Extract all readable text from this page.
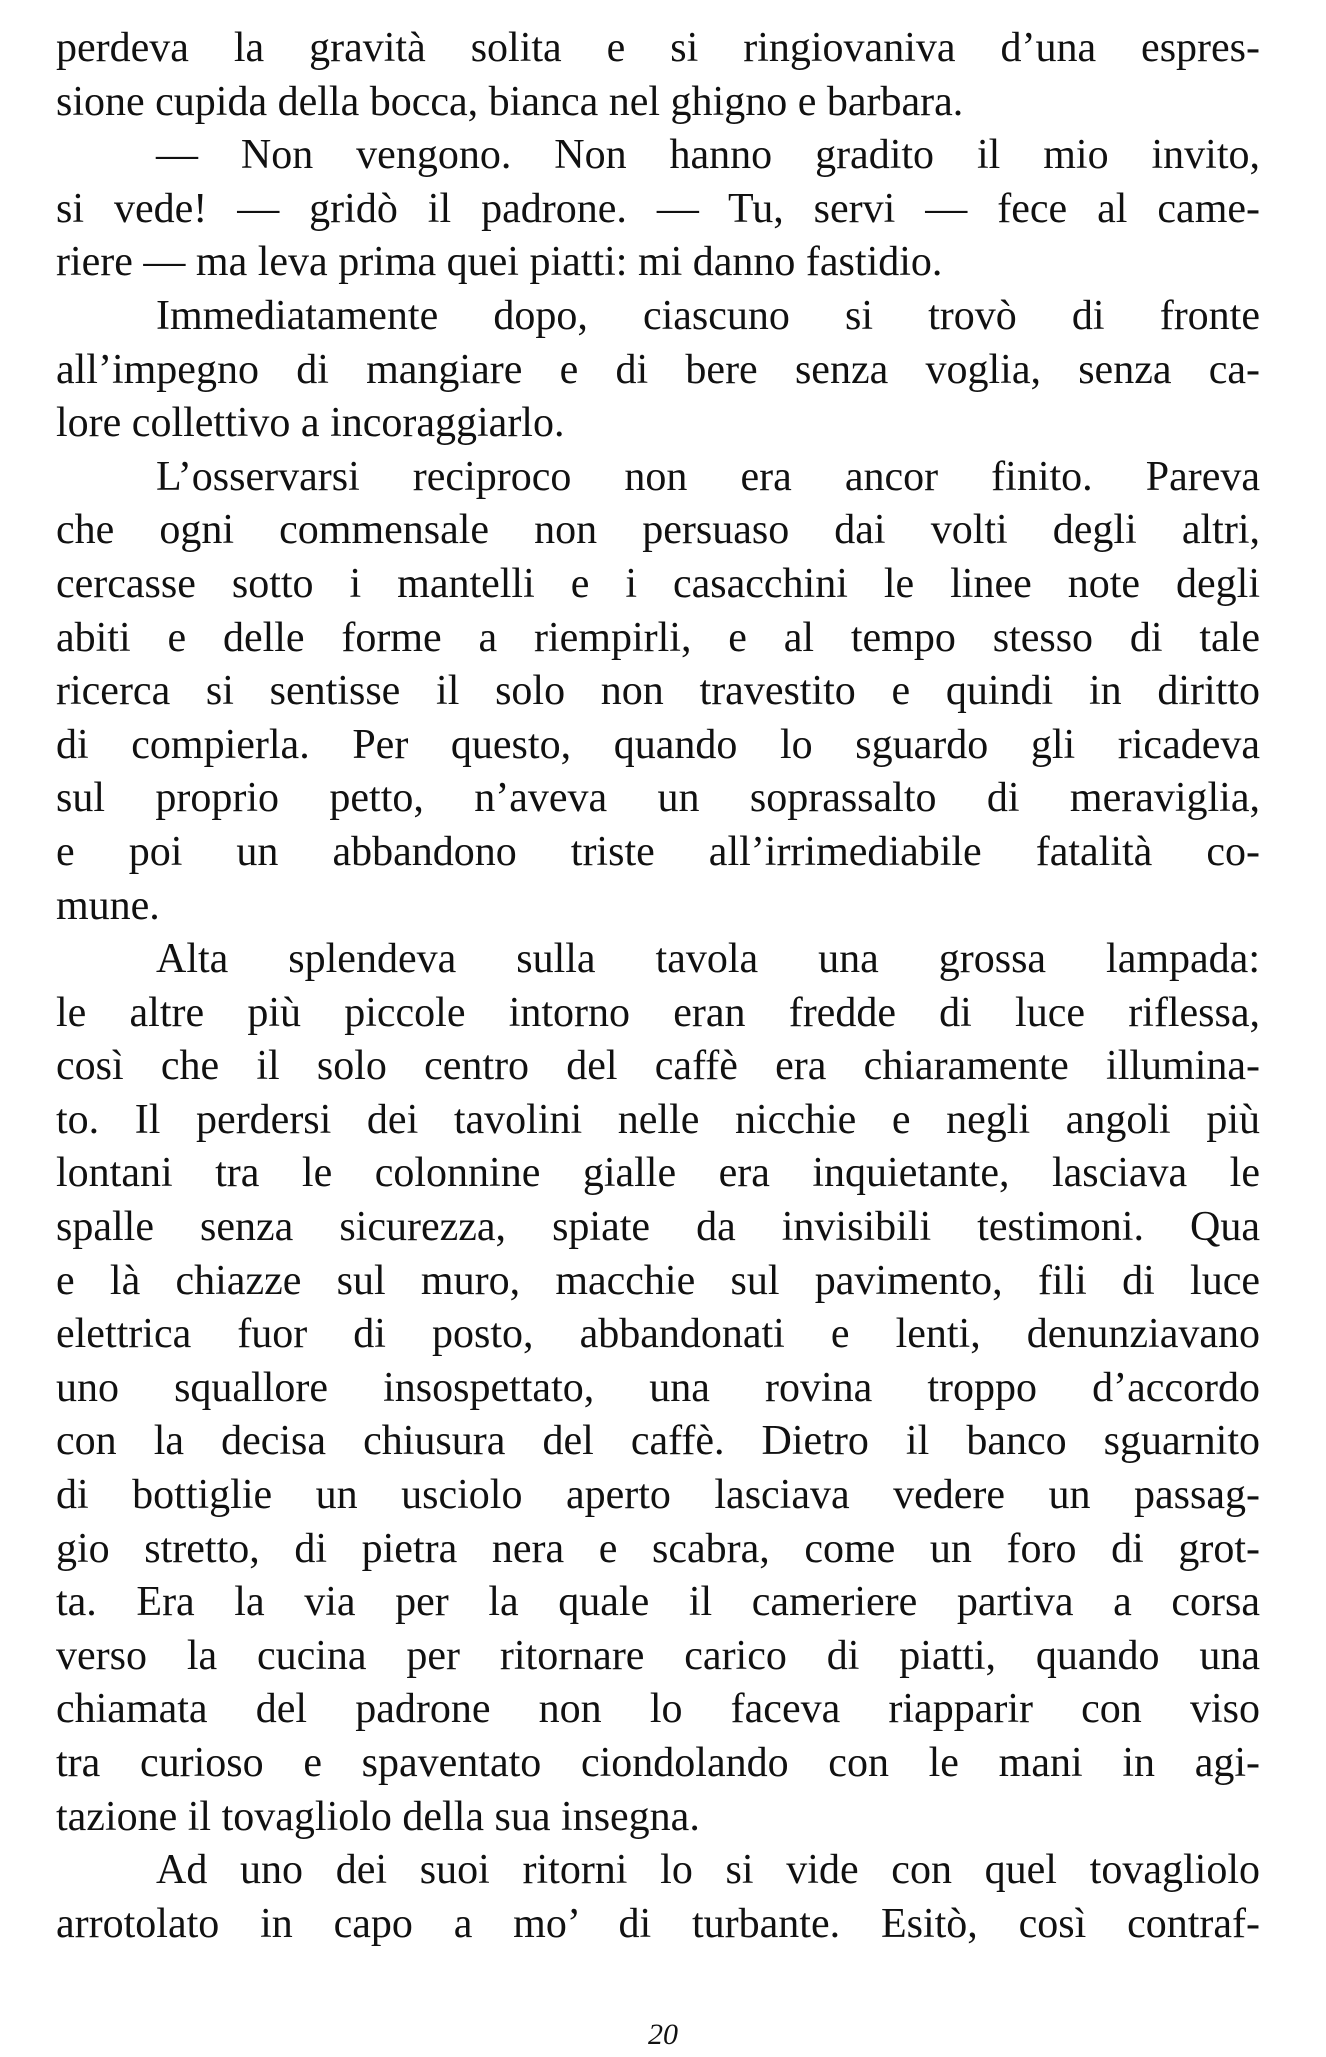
perdeva la gravità solita e si ringiovaniva d’una espres-
sione cupida della bocca, bianca nel ghigno e barbara.
— Non vengono. Non hanno gradito il mio invito,
si vede! — gridò il padrone. — Tu, servi — fece al came-
riere — ma leva prima quei piatti: mi danno fastidio.
Immediatamente dopo, ciascuno si trovò di fronte
all’impegno di mangiare e di bere senza voglia, senza ca-
lore collettivo a incoraggiarlo.
L’osservarsi reciproco non era ancor finito. Pareva
che ogni commensale non persuaso dai volti degli altri,
cercasse sotto i mantelli e i casacchini le linee note degli
abiti e delle forme a riempirli, e al tempo stesso di tale
ricerca si sentisse il solo non travestito e quindi in diritto
di compierla. Per questo, quando lo sguardo gli ricadeva
sul proprio petto, n’aveva un soprassalto di meraviglia,
e poi un abbandono triste all’irrimediabile fatalità co-
mune.
Alta splendeva sulla tavola una grossa lampada:
le altre più piccole intorno eran fredde di luce riflessa,
così che il solo centro del caffè era chiaramente illumina-
to. Il perdersi dei tavolini nelle nicchie e negli angoli più
lontani tra le colonnine gialle era inquietante, lasciava le
spalle senza sicurezza, spiate da invisibili testimoni. Qua
e là chiazze sul muro, macchie sul pavimento, fili di luce
elettrica fuor di posto, abbandonati e lenti, denunziavano
uno squallore insospettato, una rovina troppo d’accordo
con la decisa chiusura del caffè. Dietro il banco sguarnito
di bottiglie un usciolo aperto lasciava vedere un passag-
gio stretto, di pietra nera e scabra, come un foro di grot-
ta. Era la via per la quale il cameriere partiva a corsa
verso la cucina per ritornare carico di piatti, quando una
chiamata del padrone non lo faceva riapparir con viso
tra curioso e spaventato ciondolando con le mani in agi-
tazione il tovagliolo della sua insegna.
Ad uno dei suoi ritorni lo si vide con quel tovagliolo
arrotolato in capo a mo’ di turbante. Esitò, così contraf-
20
